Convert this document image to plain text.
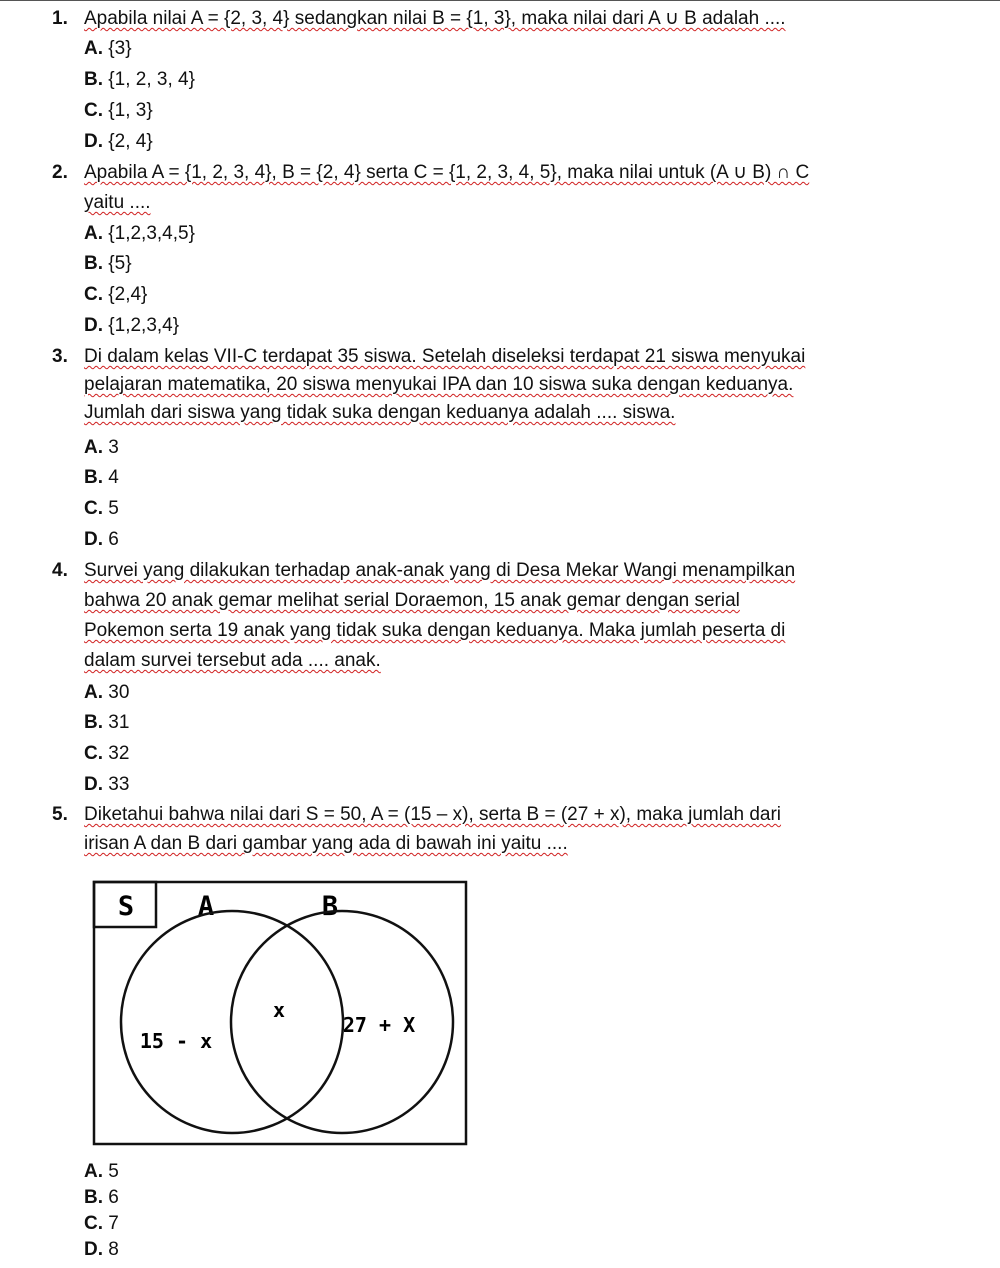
1. Apabila nilai A = {2, 3, 4} sedangkan nilai B = {1, 3}, maka nilai dari A ∪ B adalah ....
A. {3}
B. {1, 2, 3, 4}
C. {1, 3}
D. {2, 4}
2. Apabila A = {1, 2, 3, 4}, B = {2, 4} serta C = {1, 2, 3, 4, 5}, maka nilai untuk (A ∪ B) ∩ C
yaitu ....
A. {1,2,3,4,5}
B. {5}
C. {2,4}
D. {1,2,3,4}
3. Di dalam kelas VII-C terdapat 35 siswa. Setelah diseleksi terdapat 21 siswa menyukai
pelajaran matematika, 20 siswa menyukai IPA dan 10 siswa suka dengan keduanya.
Jumlah dari siswa yang tidak suka dengan keduanya adalah .... siswa.
A. 3
B. 4
C. 5
D. 6
4. Survei yang dilakukan terhadap anak-anak yang di Desa Mekar Wangi menampilkan
bahwa 20 anak gemar melihat serial Doraemon, 15 anak gemar dengan serial
Pokemon serta 19 anak yang tidak suka dengan keduanya. Maka jumlah peserta di
dalam survei tersebut ada .... anak.
A. 30
B. 31
C. 32
D. 33
5. Diketahui bahwa nilai dari S = 50, A = (15 – x), serta B = (27 + x), maka jumlah dari
irisan A dan B dari gambar yang ada di bawah ini yaitu ....
S A	B
15 - x
x
27 + X
A. 5
B. 6
C. 7
D. 8
